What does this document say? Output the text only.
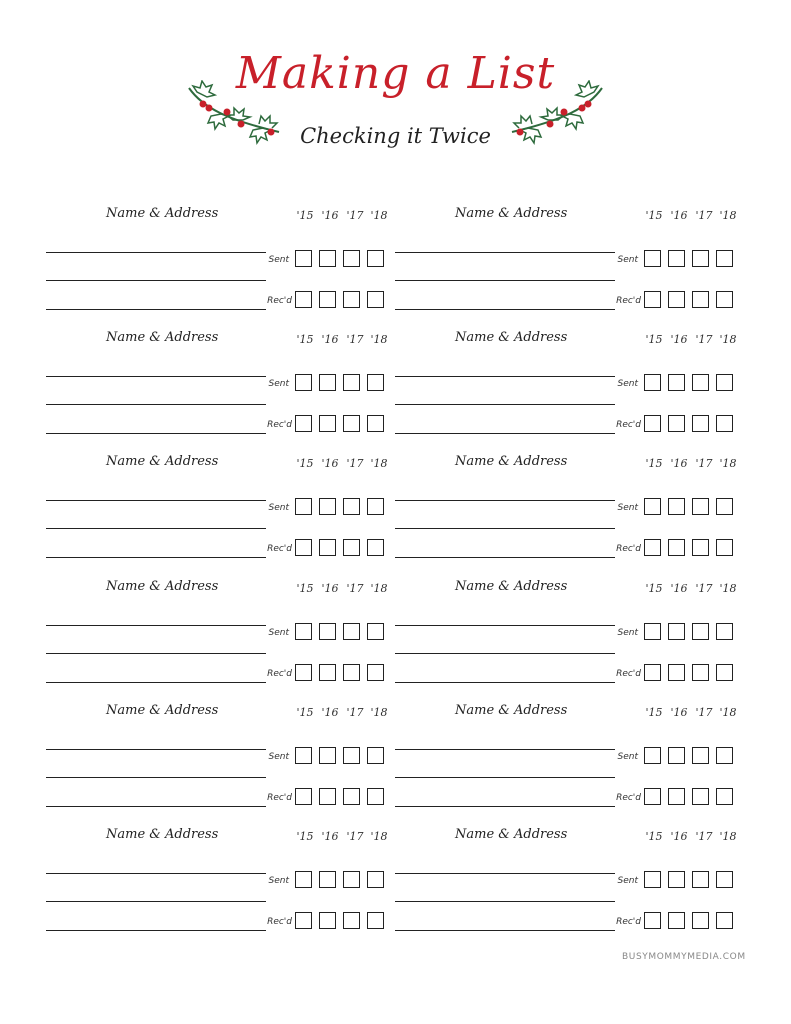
Making a List
Checking it Twice
Name & Address	'15 '16 '17 '18
Sent
Rec'd
Name & Address	'15 '16 '17 '18
Sent
Rec'd
Name & Address	'15 '16 '17 '18
Sent
Rec'd
Name & Address	'15 '16 '17 '18
Sent
Rec'd
Name & Address	'15 '16 '17 '18
Sent
Rec'd
Name & Address	'15 '16 '17 '18
Sent
Rec'd
Name & Address	'15 '16 '17 '18
Sent
Rec'd
Name & Address	'15 '16 '17 '18
Sent
Rec'd
Name & Address	'15 '16 '17 '18
Sent
Rec'd
Name & Address	'15 '16 '17 '18
Sent
Rec'd
Name & Address	'15 '16 '17 '18
Sent
Rec'd
Name & Address	'15 '16 '17 '18
Sent
Rec'd
BUSYMOMMYMEDIA.COM
